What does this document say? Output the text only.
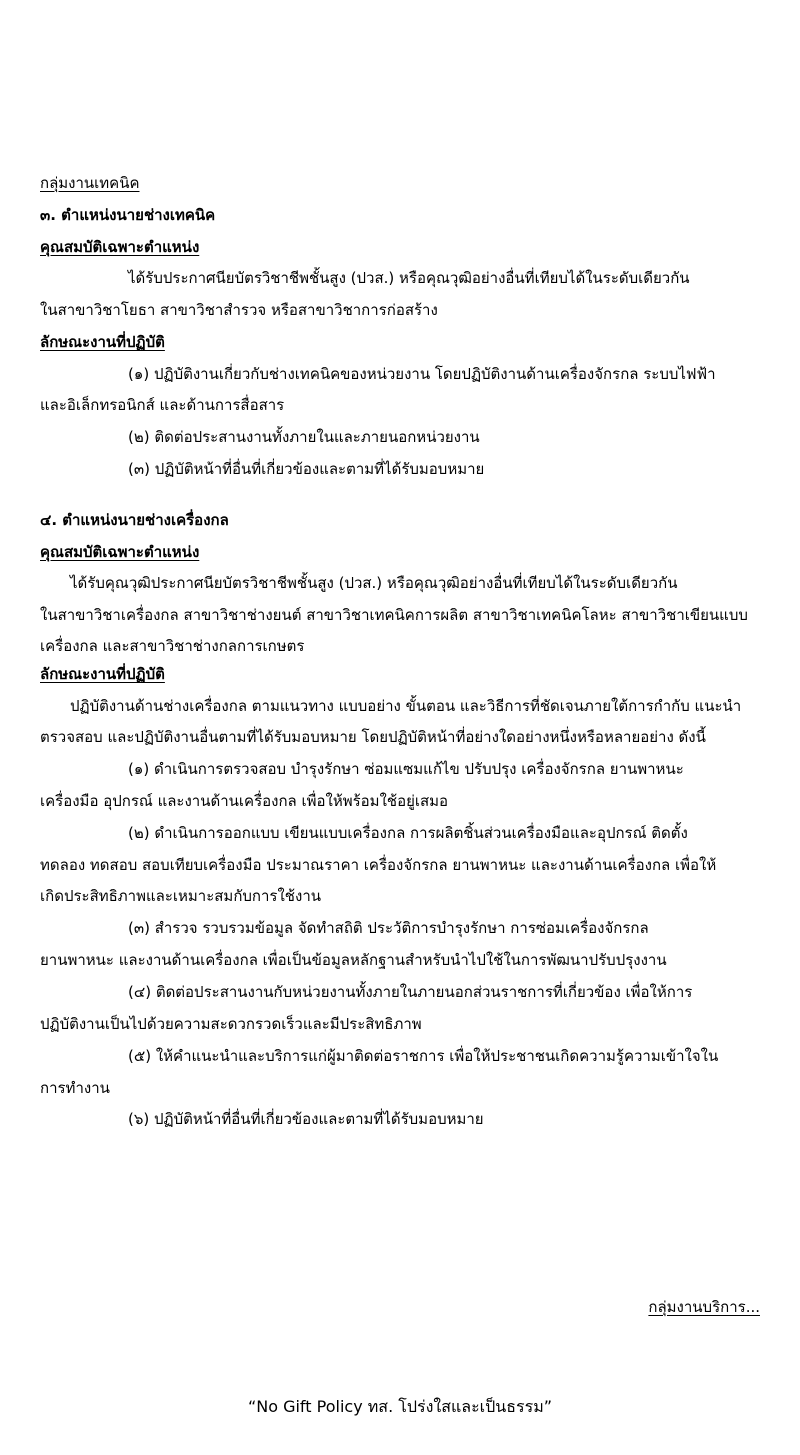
กลุ่มงานเทคนิค
๓. ตำแหน่งนายช่างเทคนิค
คุณสมบัติเฉพาะตำแหน่ง
ได้รับประกาศนียบัตรวิชาชีพชั้นสูง (ปวส.) หรือคุณวุฒิอย่างอื่นที่เทียบได้ในระดับเดียวกัน
ในสาขาวิชาโยธา สาขาวิชาสำรวจ หรือสาขาวิชาการก่อสร้าง
ลักษณะงานที่ปฏิบัติ
(๑) ปฏิบัติงานเกี่ยวกับช่างเทคนิคของหน่วยงาน โดยปฏิบัติงานด้านเครื่องจักรกล ระบบไฟฟ้า
และอิเล็กทรอนิกส์ และด้านการสื่อสาร
(๒) ติดต่อประสานงานทั้งภายในและภายนอกหน่วยงาน
(๓) ปฏิบัติหน้าที่อื่นที่เกี่ยวข้องและตามที่ได้รับมอบหมาย
๔. ตำแหน่งนายช่างเครื่องกล
คุณสมบัติเฉพาะตำแหน่ง
ได้รับคุณวุฒิประกาศนียบัตรวิชาชีพชั้นสูง (ปวส.) หรือคุณวุฒิอย่างอื่นที่เทียบได้ในระดับเดียวกัน
ในสาขาวิชาเครื่องกล สาขาวิชาช่างยนต์ สาขาวิชาเทคนิคการผลิต สาขาวิชาเทคนิคโลหะ สาขาวิชาเขียนแบบ
เครื่องกล และสาขาวิชาช่างกลการเกษตร
ลักษณะงานที่ปฏิบัติ
ปฏิบัติงานด้านช่างเครื่องกล ตามแนวทาง แบบอย่าง ขั้นตอน และวิธีการที่ชัดเจนภายใต้การกำกับ แนะนำ
ตรวจสอบ และปฏิบัติงานอื่นตามที่ได้รับมอบหมาย โดยปฏิบัติหน้าที่อย่างใดอย่างหนึ่งหรือหลายอย่าง ดังนี้
(๑) ดำเนินการตรวจสอบ บำรุงรักษา ซ่อมแซมแก้ไข ปรับปรุง เครื่องจักรกล ยานพาหนะ
เครื่องมือ อุปกรณ์ และงานด้านเครื่องกล เพื่อให้พร้อมใช้อยู่เสมอ
(๒) ดำเนินการออกแบบ เขียนแบบเครื่องกล การผลิตชิ้นส่วนเครื่องมือและอุปกรณ์ ติดตั้ง
ทดลอง ทดสอบ สอบเทียบเครื่องมือ ประมาณราคา เครื่องจักรกล ยานพาหนะ และงานด้านเครื่องกล เพื่อให้
เกิดประสิทธิภาพและเหมาะสมกับการใช้งาน
(๓) สำรวจ รวบรวมข้อมูล จัดทำสถิติ ประวัติการบำรุงรักษา การซ่อมเครื่องจักรกล
ยานพาหนะ และงานด้านเครื่องกล เพื่อเป็นข้อมูลหลักฐานสำหรับนำไปใช้ในการพัฒนาปรับปรุงงาน
(๔) ติดต่อประสานงานกับหน่วยงานทั้งภายในภายนอกส่วนราชการที่เกี่ยวข้อง เพื่อให้การ
ปฏิบัติงานเป็นไปด้วยความสะดวกรวดเร็วและมีประสิทธิภาพ
(๕) ให้คำแนะนำและบริการแก่ผู้มาติดต่อราชการ เพื่อให้ประชาชนเกิดความรู้ความเข้าใจใน
การทำงาน
(๖) ปฏิบัติหน้าที่อื่นที่เกี่ยวข้องและตามที่ได้รับมอบหมาย
กลุ่มงานบริการ...
“No Gift Policy ทส. โปร่งใสและเป็นธรรม”
